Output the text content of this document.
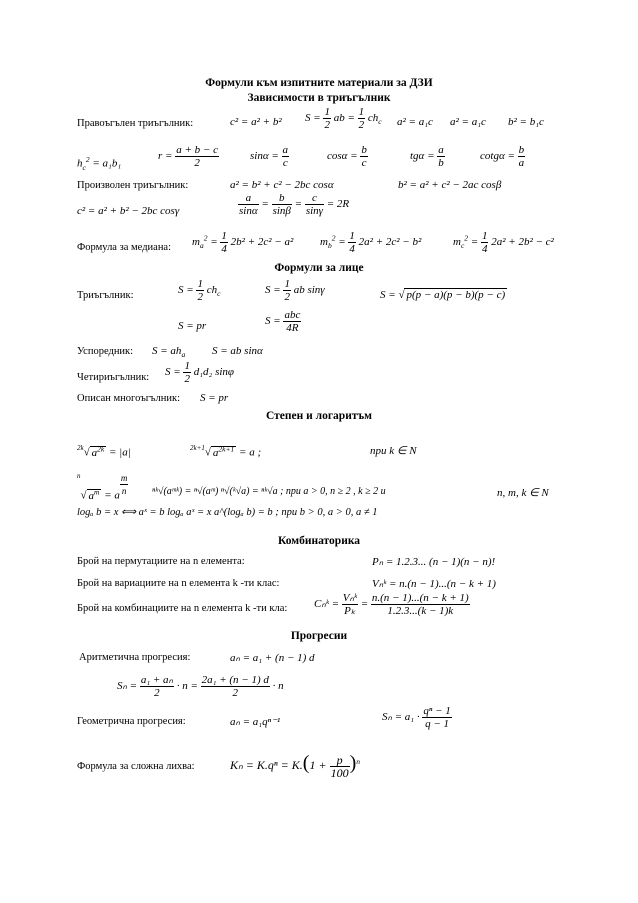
Формули към изпитните материали за ДЗИ
Зависимости в триъгълник
Правоъгълен триъгълник:	c² = a² + b² $S = \frac{1}{2}$ ab = $\frac{1}{2} ch_c$ a² = a₁c a² = a₁c b² = b₁c
$h_c^2 = a_1b_1$
$r = \frac{a + b - c}{2}$	$\sin\alpha = \frac{a}{c}$	$\cos\alpha = \frac{b}{c}$	$tg\alpha = \frac{a}{b}$	$\cot g\alpha = \frac{b}{a}$
Произволен триъгълник:	a² = b² + c² − 2bc cosα	b² = a² + c² − 2ac cosβ
c² = a² + b² − 2bc cosγ	$\frac{a}{\sin\alpha} = \frac{b}{\sin\beta} = \frac{c}{\sin\gamma} = 2R$
Формула за медиана: $m_a^2 = \frac{1}{4} 2b^2 + 2c^2 - a^2$ $m_b^2 = \frac{1}{4} 2a^2 + 2c^2 - b^2$	$m_c^2 = \frac{1}{4} 2a^2 + 2b^2 - c^2$
Формули за лице
Триъгълник:	$S = \frac{1}{2} ch_c$	$S = \frac{1}{2}$ ab sinγ	S = √ p(p − a)(p − b)(p − c)
S = pr	S =
abc
4R
Успоредник: $S = ah_a$ S = ab sinα
Четириъгълник: $S = \frac{1}{2} d_1d_2$ sinφ
Описан многоъгълник: S = pr
Степен и логаритъм
$^{2k}$√ $a^{2k} = |a|$	$^{2k+1}$√ $a^{2k+1} = a$ ;	при k ∈ N
$^n$√ $a^m = a \frac{m}{n}$ ⁿᵏ√(aᵐᵏ) = ⁿ√(aᵐ) ⁿ√(ᵏ√a) = ⁿᵏ√a ; при a > 0, n ≥ 2 , k ≥ 2 и	n, m, k ∈ N
logₐ b = x ⟺ aˣ = b logₐ aˣ = x a^(logₐ b) = b ; при b > 0, a > 0, a ≠ 1
Комбинаторика
Брой на пермутациите на n елемента:	Pₙ = 1.2.3... (n − 1)(n − n)!
Брой на вариациите на n елемента k -ти клас:	Vₙᵏ = n.(n − 1)...(n − k + 1)
Брой на комбинациите на n елемента k -ти кла: Cₙᵏ =
Vₙᵏ
Pₖ
= $\frac{n.(n - 1)...(n - k + 1)}{1.2.3...(k - 1)k}$
Прогресии
Аритметична прогресия:	aₙ = a₁ + (n − 1) d
$S_n = \frac{\text{a₁ + aₙ}}{2} \cdot n = \frac{\text{2a₁ + (n − 1) d}}{2} \cdot n$
Геометрична прогресия:	aₙ = a₁qⁿ⁻¹	$S_n = a_1 \cdot \frac{\text{qⁿ − 1}}{q - 1}$
Формула за сложна лихва:	$K_n = K.q^n = K.(1 + \frac{p}{100} )^n$
